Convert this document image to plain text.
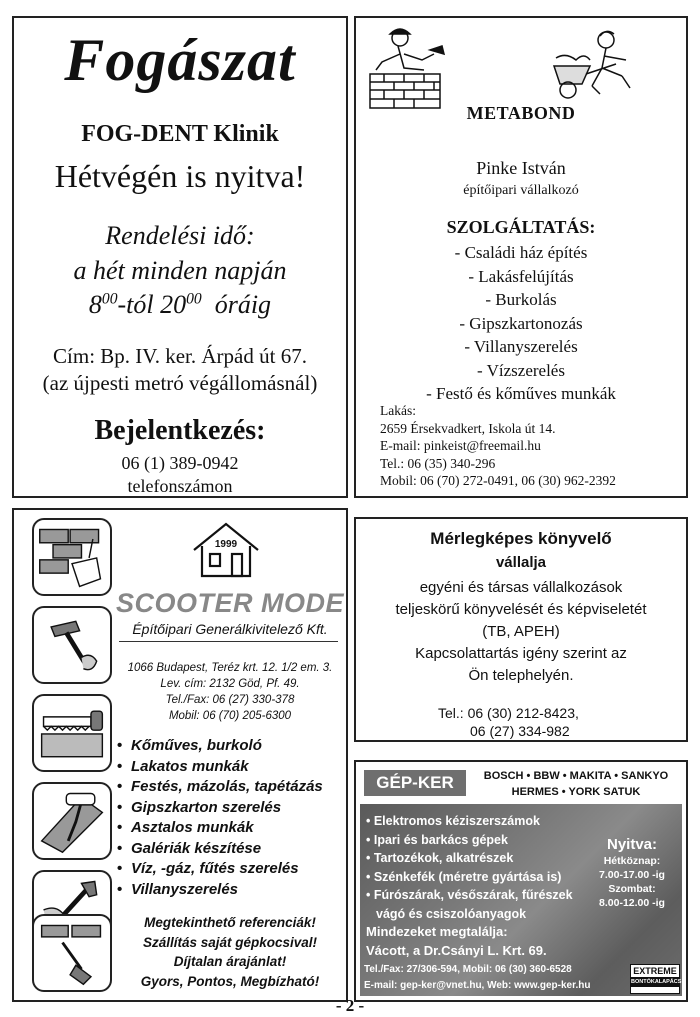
Fogászat
FOG-DENT Klinik
Hétvégén is nyitva!
Rendelési idő:
a hét minden napján
$8^{00}$-tól $20^{00}$ óráig
Cím: Bp. IV. ker. Árpád út 67.
(az újpesti metró végállomásnál)
Bejelentkezés:
06 (1) 389-0942
telefonszámon
METABOND
Pinke István
építőipari vállalkozó
SZOLGÁLTATÁS:
- Családi ház építés
- Lakásfelújítás
- Burkolás
- Gipszkartonozás
- Villanyszerelés
- Vízszerelés
- Festő és kőműves munkák
Lakás:
2659 Érsekvadkert, Iskola út 14.
E-mail: pinkeist@freemail.hu
Tel.: 06 (35) 340-296
Mobil: 06 (70) 272-0491, 06 (30) 962-2392
1999
SCOOTER MODE
Építőipari Generálkivitelező Kft.
1066 Budapest, Teréz krt. 12. 1/2 em. 3.
Lev. cím: 2132 Göd, Pf. 49.
Tel./Fax: 06 (27) 330-378
Mobil: 06 (70) 205-6300
• Kőműves, burkoló
• Lakatos munkák
• Festés, mázolás, tapétázás
• Gipszkarton szerelés
• Asztalos munkák
• Galériák készítése
• Víz, -gáz, fűtés szerelés
• Villanyszerelés
Megtekinthető referenciák!
Szállítás saját gépkocsival!
Díjtalan árajánlat!
Gyors, Pontos, Megbízható!
Mérlegképes könyvelő
vállalja
egyéni és társas vállalkozások
teljeskörű könyvelését és képviseletét
(TB, APEH)
Kapcsolattartás igény szerint az
Ön telephelyén.
Tel.: 06 (30) 212-8423,
06 (27) 334-982
GÉP-KER	BOSCH • BBW • MAKITA • SANKYO
HERMES • YORK SATUK
• Elektromos kéziszerszámok
• Ipari és barkács gépek
• Tartozékok, alkatrészek
• Szénkefék (méretre gyártása is)
• Fúrószárak, vésőszárak, fűrészek
vágó és csiszolóanyagok
Nyitva:
Hétköznap:
7.00-17.00 -ig
Szombat:
8.00-12.00 -ig
Mindezeket megtalálja:
Vácott, a Dr.Csányi L. Krt. 69.
Tel./Fax: 27/306-594, Mobil: 06 (30) 360-6528
E-mail: gep-ker@vnet.hu, Web: www.gep-ker.hu
EXTREME
BONTÓKALAPÁCS
- 2 -
